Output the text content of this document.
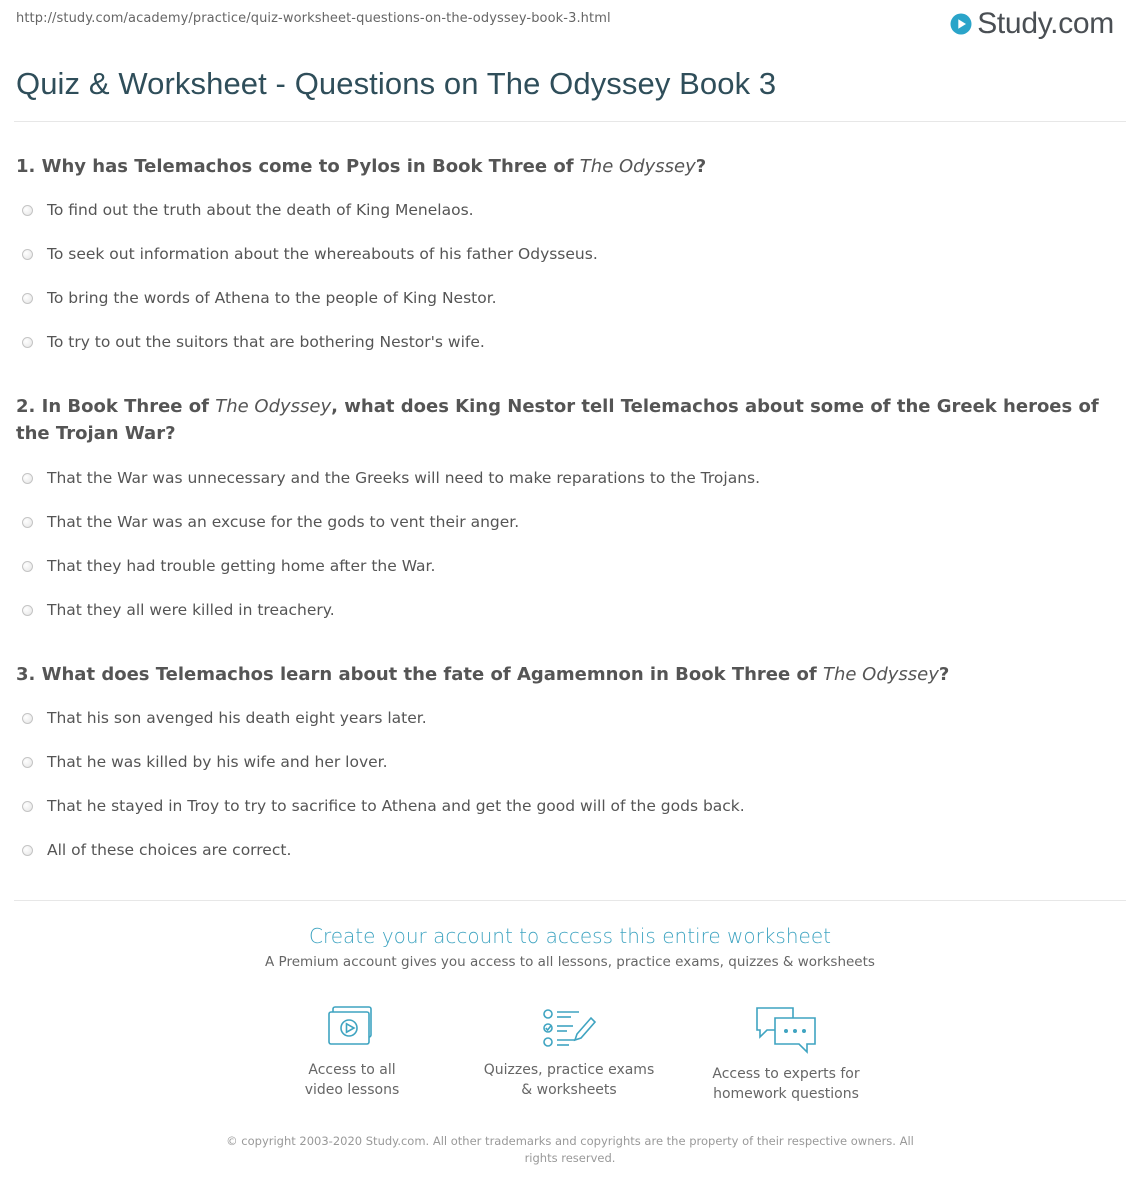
http://study.com/academy/practice/quiz-worksheet-questions-on-the-odyssey-book-3.html	Study.com
Quiz & Worksheet - Questions on The Odyssey Book 3
1. Why has Telemachos come to Pylos in Book Three of The Odyssey?
To find out the truth about the death of King Menelaos.
To seek out information about the whereabouts of his father Odysseus.
To bring the words of Athena to the people of King Nestor.
To try to out the suitors that are bothering Nestor's wife.
2. In Book Three of The Odyssey, what does King Nestor tell Telemachos about some of the Greek heroes of the Trojan War?
That the War was unnecessary and the Greeks will need to make reparations to the Trojans.
That the War was an excuse for the gods to vent their anger.
That they had trouble getting home after the War.
That they all were killed in treachery.
3. What does Telemachos learn about the fate of Agamemnon in Book Three of The Odyssey?
That his son avenged his death eight years later.
That he was killed by his wife and her lover.
That he stayed in Troy to try to sacrifice to Athena and get the good will of the gods back.
All of these choices are correct.
Create your account to access this entire worksheet
A Premium account gives you access to all lessons, practice exams, quizzes & worksheets
Access to all
video lessons
Quizzes, practice exams
& worksheets
Access to experts for
homework questions
© copyright 2003-2020 Study.com. All other trademarks and copyrights are the property of their respective owners. All rights reserved.
